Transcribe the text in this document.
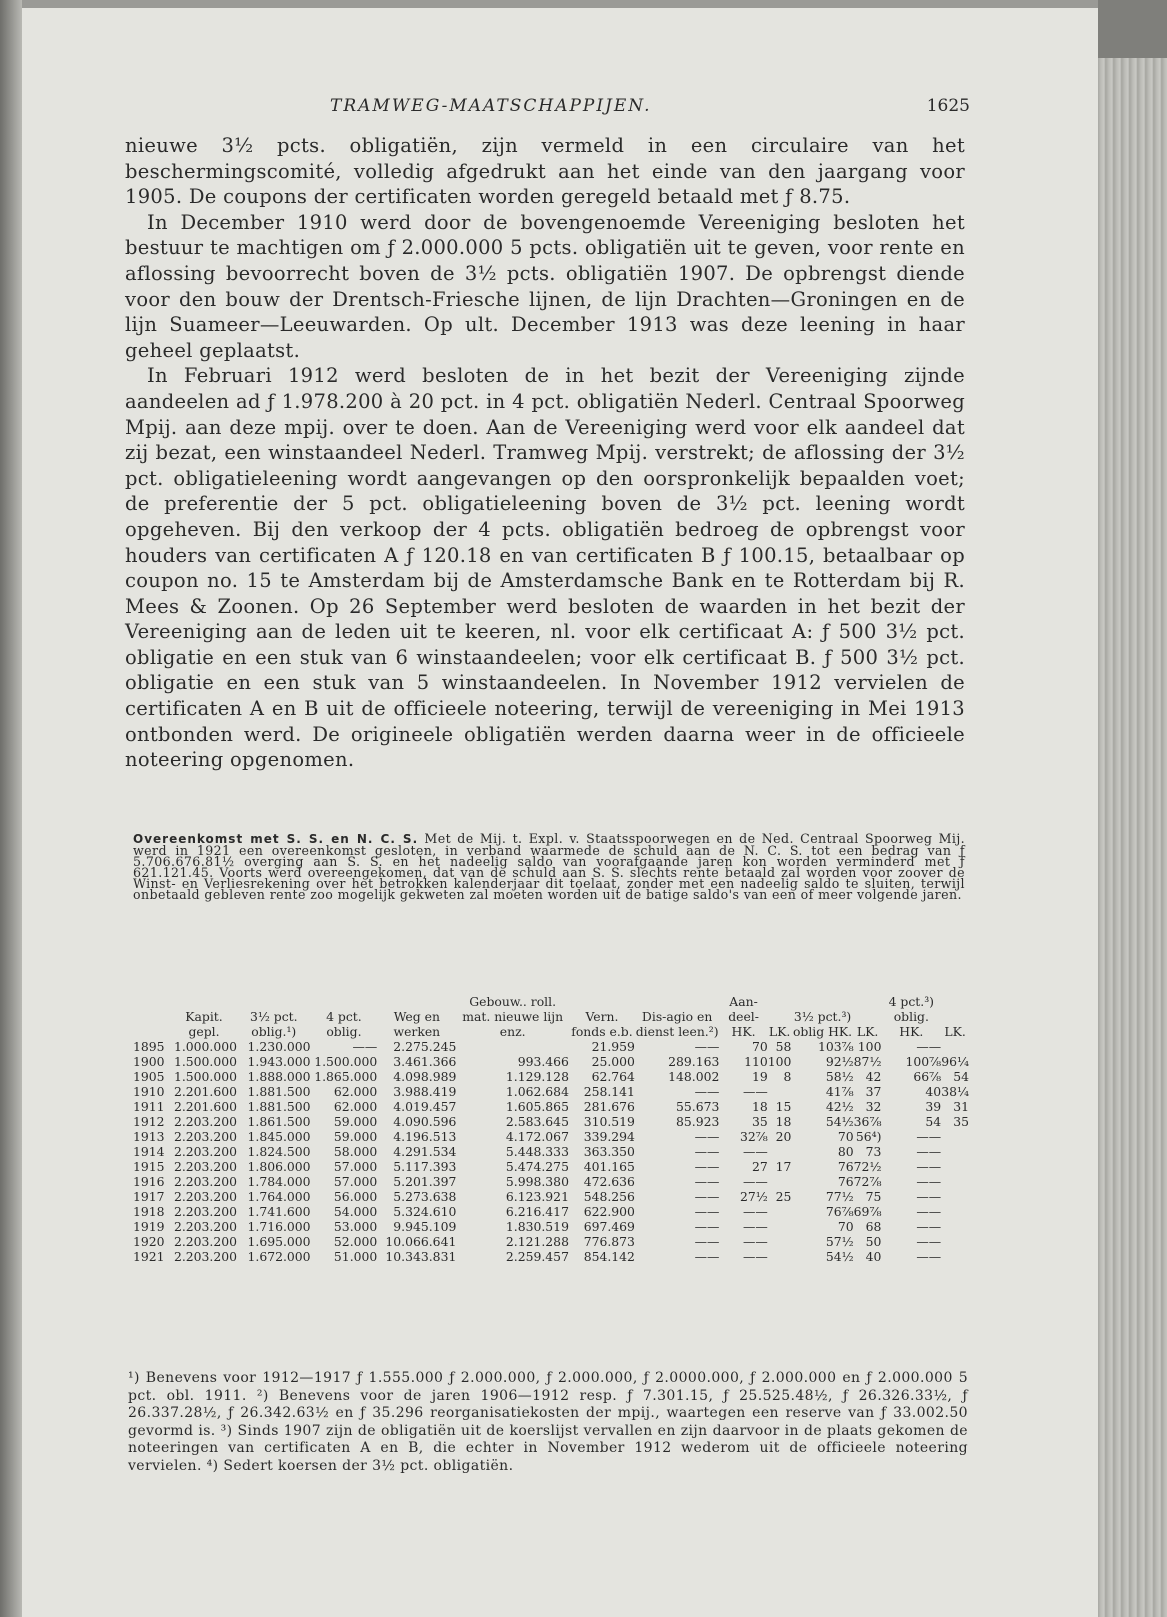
TRAMWEG-MAATSCHAPPIJEN.	1625

nieuwe 3½ pcts. obligatiën, zijn vermeld in een circulaire van het beschermingscomité, volledig afgedrukt aan het einde van den jaargang voor 1905. De coupons der certificaten worden geregeld betaald met ƒ 8.75.

In December 1910 werd door de bovengenoemde Vereeniging besloten het bestuur te machtigen om ƒ 2.000.000 5 pcts. obligatiën uit te geven, voor rente en aflossing bevoorrecht boven de 3½ pcts. obligatiën 1907. De opbrengst diende voor den bouw der Drentsch-Friesche lijnen, de lijn Drachten—Groningen en de lijn Suameer—Leeuwarden. Op ult. December 1913 was deze leening in haar geheel geplaatst.

In Februari 1912 werd besloten de in het bezit der Vereeniging zijnde aandeelen ad ƒ 1.978.200 à 20 pct. in 4 pct. obligatiën Nederl. Centraal Spoorweg Mpij. aan deze mpij. over te doen. Aan de Vereeniging werd voor elk aandeel dat zij bezat, een winstaandeel Nederl. Tramweg Mpij. verstrekt; de aflossing der 3½ pct. obligatieleening wordt aangevangen op den oorspronkelijk bepaalden voet; de preferentie der 5 pct. obligatieleening boven de 3½ pct. leening wordt opgeheven. Bij den verkoop der 4 pcts. obligatiën bedroeg de opbrengst voor houders van certificaten A ƒ 120.18 en van certificaten B ƒ 100.15, betaalbaar op coupon no. 15 te Amsterdam bij de Amsterdamsche Bank en te Rotterdam bij R. Mees & Zoonen. Op 26 September werd besloten de waarden in het bezit der Vereeniging aan de leden uit te keeren, nl. voor elk certificaat A: ƒ 500 3½ pct. obligatie en een stuk van 6 winstaandeelen; voor elk certificaat B. ƒ 500 3½ pct. obligatie en een stuk van 5 winstaandeelen. In November 1912 vervielen de certificaten A en B uit de officieele noteering, terwijl de vereeniging in Mei 1913 ontbonden werd. De origineele obligatiën werden daarna weer in de officieele noteering opgenomen.

Overeenkomst met S. S. en N. C. S. Met de Mij. t. Expl. v. Staatsspoorwegen en de Ned. Centraal Spoorweg Mij. werd in 1921 een overeenkomst gesloten, in verband waarmede de schuld aan de N. C. S. tot een bedrag van ƒ 5.706.676.81½ overging aan S. S. en het nadeelig saldo van voorafgaande jaren kon worden verminderd met ƒ 621.121.45. Voorts werd overeengekomen, dat van de schuld aan S. S. slechts rente betaald zal worden voor zoover de Winst- en Verliesrekening over het betrokken kalenderjaar dit toelaat, zonder met een nadeelig saldo te sluiten, terwijl onbetaald gebleven rente zoo mogelijk gekweten zal moeten worden uit de batige saldo's van een of meer volgende jaren.
	Kapit. gepl.	3½ pct. oblig.¹)	4 pct. oblig.	Weg en werken	Gebouw.. roll. mat. nieuwe lijn enz.	Vern. fonds e.b.	Dis-agio en dienst leen.²)	Aan-deel- HK.	LK.	3½ pct.³) oblig HK.	LK.	4 pct.³) oblig. HK.	LK.
1895	1.000.000	1.230.000	——	2.275.245		21.959	——	70	58	103⅞	100	——	
1900	1.500.000	1.943.000	1.500.000	3.461.366	993.466	25.000	289.163	110	100	92½	87½	100⅞	96¼
1905	1.500.000	1.888.000	1.865.000	4.098.989	1.129.128	62.764	148.002	19	8	58½	42	66⅞	54
1910	2.201.600	1.881.500	62.000	3.988.419	1.062.684	258.141	——	——		41⅞	37	40	38¼
1911	2.201.600	1.881.500	62.000	4.019.457	1.605.865	281.676	55.673	18	15	42½	32	39	31
1912	2.203.200	1.861.500	59.000	4.090.596	2.583.645	310.519	85.923	35	18	54½	36⅞	54	35
1913	2.203.200	1.845.000	59.000	4.196.513	4.172.067	339.294	——	32⅞	20	70	56⁴)	——	
1914	2.203.200	1.824.500	58.000	4.291.534	5.448.333	363.350	——	——		80	73	——	
1915	2.203.200	1.806.000	57.000	5.117.393	5.474.275	401.165	——	27	17	76	72½	——	
1916	2.203.200	1.784.000	57.000	5.201.397	5.998.380	472.636	——	——		76	72⅞	——	
1917	2.203.200	1.764.000	56.000	5.273.638	6.123.921	548.256	——	27½	25	77½	75	——	
1918	2.203.200	1.741.600	54.000	5.324.610	6.216.417	622.900	——	——		76⅞	69⅞	——	
1919	2.203.200	1.716.000	53.000	9.945.109	1.830.519	697.469	——	——		70	68	——	
1920	2.203.200	1.695.000	52.000	10.066.641	2.121.288	776.873	——	——		57½	50	——	
1921	2.203.200	1.672.000	51.000	10.343.831	2.259.457	854.142	——	——		54½	40	——	
¹) Benevens voor 1912—1917 ƒ 1.555.000 ƒ 2.000.000, ƒ 2.000.000, ƒ 2.0000.000, ƒ 2.000.000 en ƒ 2.000.000 5 pct. obl. 1911. ²) Benevens voor de jaren 1906—1912 resp. ƒ 7.301.15, ƒ 25.525.48½, ƒ 26.326.33½, ƒ 26.337.28½, ƒ 26.342.63½ en ƒ 35.296 reorganisatiekosten der mpij., waartegen een reserve van ƒ 33.002.50 gevormd is. ³) Sinds 1907 zijn de obligatiën uit de koerslijst vervallen en zijn daarvoor in de plaats gekomen de noteeringen van certificaten A en B, die echter in November 1912 wederom uit de officieele noteering vervielen. ⁴) Sedert koersen der 3½ pct. obligatiën.
